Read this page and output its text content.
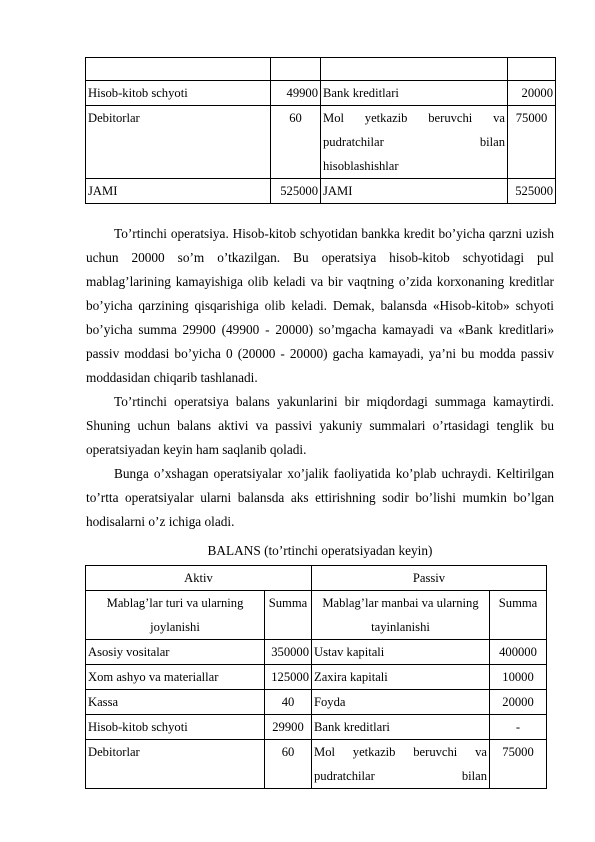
Hisob-kitob schyoti	49900	Bank kreditlari	20000
Debitorlar	60	Mol yetkazib beruvchi va
pudratchilar bilan
hisoblashishlar	75000
JAMI	525000	JAMI	525000

To’rtinchi operatsiya. Hisob-kitob schyotidan bankka kredit bo’yicha qarzni uzish uchun 20000 so’m o’tkazilgan. Bu operatsiya hisob-kitob schyotidagi pul mablag’larining kamayishiga olib keladi va bir vaqtning o’zida korxonaning kreditlar bo’yicha qarzining qisqarishiga olib keladi. Demak, balansda «Hisob-kitob» schyoti bo’yicha summa 29900 (49900 - 20000) so’mgacha kamayadi va «Bank kreditlari» passiv moddasi bo’yicha 0 (20000 - 20000) gacha kamayadi, ya’ni bu modda passiv moddasidan chiqarib tashlanadi.

To’rtinchi operatsiya balans yakunlarini bir miqdordagi summaga kamaytirdi. Shuning uchun balans aktivi va passivi yakuniy summalari o’rtasidagi tenglik bu operatsiyadan keyin ham saqlanib qoladi.

Bunga o’xshagan operatsiyalar xo’jalik faoliyatida ko’plab uchraydi. Keltirilgan to’rtta operatsiyalar ularni balansda aks ettirishning sodir bo’lishi mumkin bo’lgan hodisalarni o’z ichiga oladi.

BALANS (to’rtinchi operatsiyadan keyin)
Aktiv		Passiv	
Mablag’lar turi va ularning joylanishi	Summa	Mablag’lar manbai va ularning tayinlanishi	Summa
Asosiy vositalar	350000	Ustav kapitali	400000
Xom ashyo va materiallar	125000	Zaxira kapitali	10000
Kassa	40	Foyda	20000
Hisob-kitob schyoti	29900	Bank kreditlari	-
Debitorlar	60	Mol yetkazib beruvchi va
pudratchilar bilan	75000
